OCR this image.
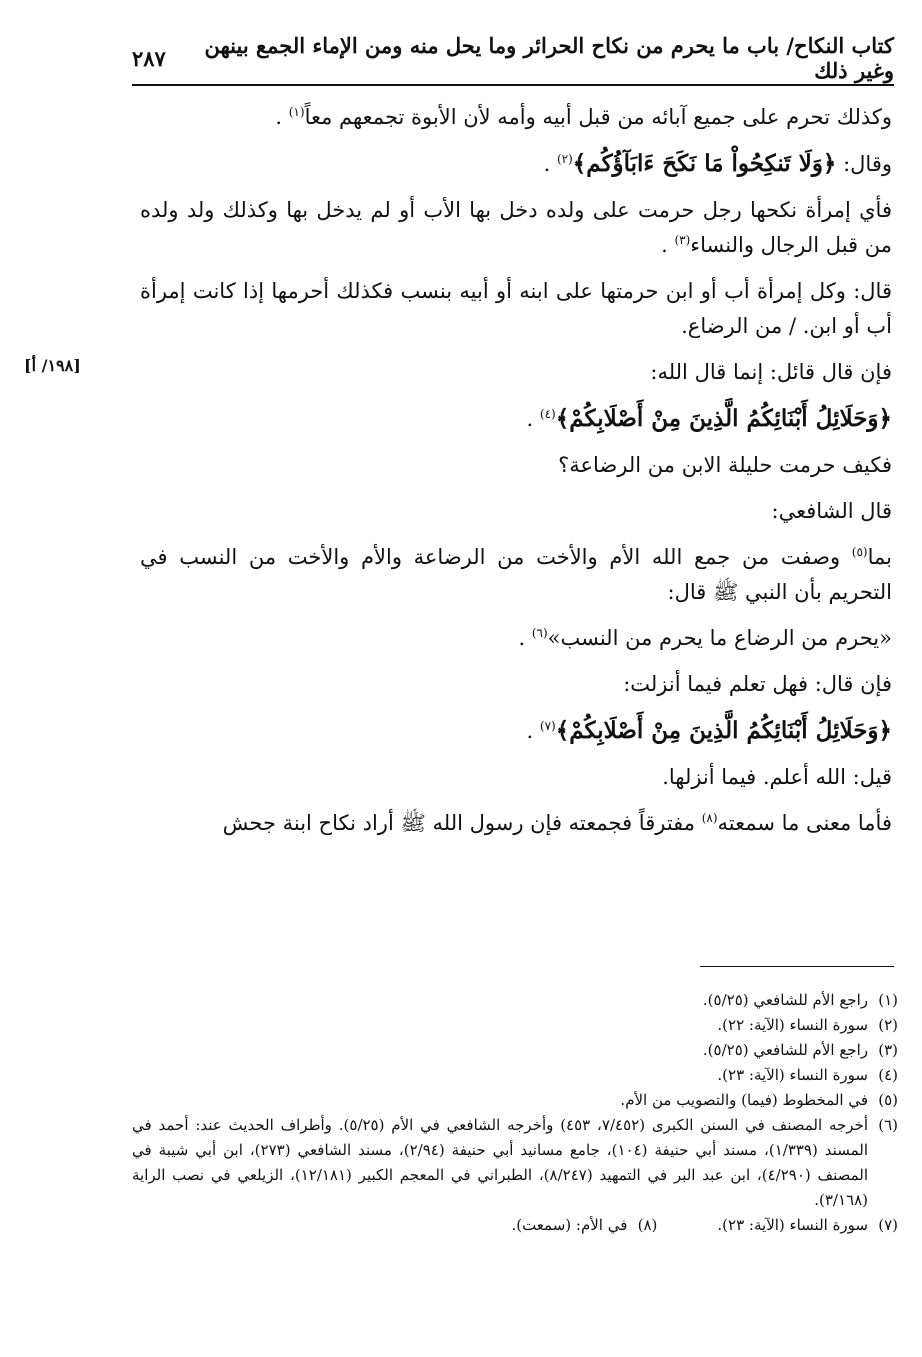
كتاب النكاح/ باب ما يحرم من نكاح الحرائر وما يحل منه ومن الإماء الجمع بينهن وغير ذلك
٢٨٧
[١٩٨/ أ]

وكذلك تحرم على جميع آبائه من قبل أبيه وأمه لأن الأبوة تجمعهم معاً$^{(١)}$ .

وقال: ﴿وَلَا تَنكِحُواْ مَا نَكَحَ ءَابَآؤُكُم﴾$^{(٢)}$ .

فأي إمرأة نكحها رجل حرمت على ولده دخل بها الأب أو لم يدخل بها وكذلك ولد ولده من قبل الرجال والنساء$^{(٣)}$ .

قال: وكل إمرأة أب أو ابن حرمتها على ابنه أو أبيه بنسب فكذلك أحرمها إذا كانت إمرأة أب أو ابن. / من الرضاع.

فإن قال قائل: إنما قال الله:

﴿وَحَلَائِلُ أَبْنَائِكُمُ الَّذِينَ مِنْ أَصْلَابِكُمْ﴾$^{(٤)}$ .

فكيف حرمت حليلة الابن من الرضاعة؟

قال الشافعي:

بما$^{(٥)}$ وصفت من جمع الله الأم والأخت من الرضاعة والأم والأخت من النسب في التحريم بأن النبي ﷺ قال:

«يحرم من الرضاع ما يحرم من النسب»$^{(٦)}$ .

فإن قال: فهل تعلم فيما أنزلت:

﴿وَحَلَائِلُ أَبْنَائِكُمُ الَّذِينَ مِنْ أَصْلَابِكُمْ﴾$^{(٧)}$ .

قيل: الله أعلم. فيما أنزلها.

فأما معنى ما سمعته$^{(٨)}$ مفترقاً فجمعته فإن رسول الله ﷺ أراد نكاح ابنة جحش

(١)
راجع الأم للشافعي (٥/٢٥).
(٢)
سورة النساء (الآية: ٢٢).
(٣)
راجع الأم للشافعي (٥/٢٥).
(٤)
سورة النساء (الآية: ٢٣).
(٥)
في المخطوط (فيما) والتصويب من الأم.
(٦)
أخرجه المصنف في السنن الكبرى (٧/٤٥٢، ٤٥٣) وأخرجه الشافعي في الأم (٥/٢٥). وأطراف الحديث عند: أحمد في المسند (١/٣٣٩)، مسند أبي حنيفة (١٠٤)، جامع مسانيد أبي حنيفة (٢/٩٤)، مسند الشافعي (٢٧٣)، ابن أبي شيبة في المصنف (٤/٢٩٠)، ابن عبد البر في التمهيد (٨/٢٤٧)، الطبراني في المعجم الكبير (١٢/١٨١)، الزيلعي في نصب الراية (٣/١٦٨).
(٧)سورة النساء (الآية: ٢٣).
(٨)في الأم: (سمعت).
